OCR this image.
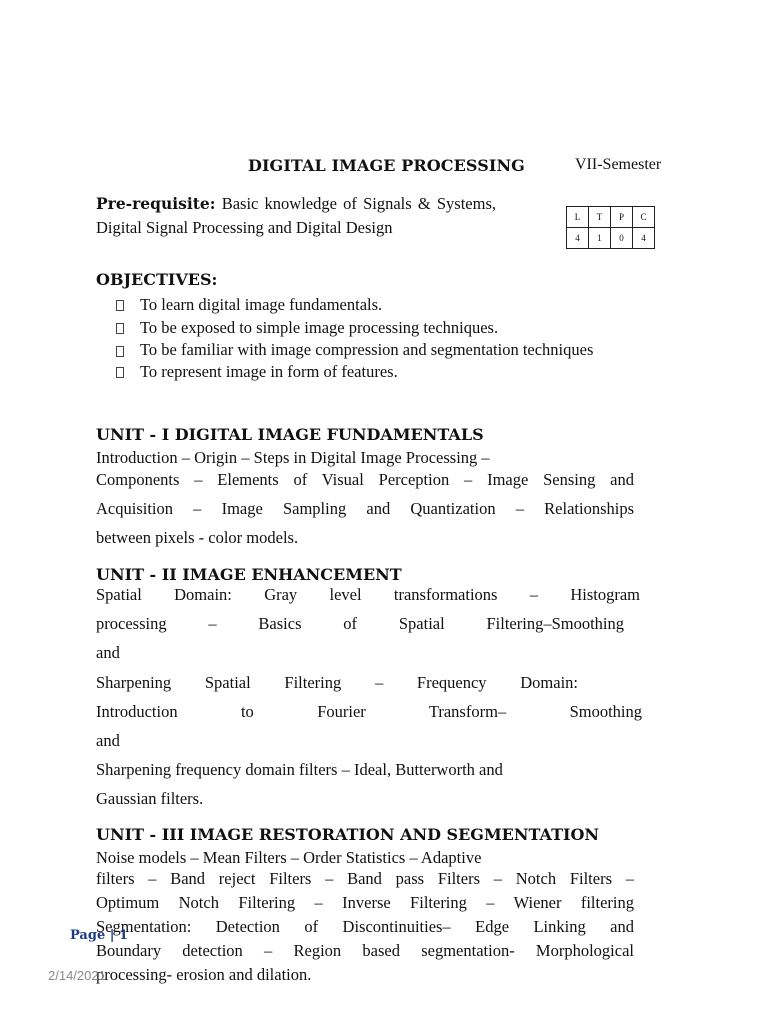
DIGITAL IMAGE PROCESSING	VII-Semester
Pre-requisite: Basic knowledge of Signals & Systems, Digital Signal Processing and Digital Design
L	T	P	C
4	1	0	4
OBJECTIVES:
To learn digital image fundamentals.
To be exposed to simple image processing techniques.
To be familiar with image compression and segmentation techniques
To represent image in form of features.
UNIT - I DIGITAL IMAGE FUNDAMENTALS
Introduction – Origin – Steps in Digital Image Processing –
Components – Elements of Visual Perception – Image Sensing and
Acquisition – Image Sampling and Quantization – Relationships
between pixels - color models.
UNIT - II IMAGE ENHANCEMENT
Spatial Domain: Gray level transformations – Histogram
processing – Basics of Spatial Filtering–Smoothing
and
Sharpening Spatial Filtering – Frequency Domain:
Introduction to Fourier Transform– Smoothing
and
Sharpening frequency domain filters – Ideal, Butterworth and
Gaussian filters.
UNIT - III IMAGE RESTORATION AND SEGMENTATION
Noise models – Mean Filters – Order Statistics – Adaptive
filters – Band reject Filters – Band pass Filters – Notch Filters –
Optimum Notch Filtering – Inverse Filtering – Wiener filtering
Segmentation: Detection of Discontinuities– Edge Linking and
Boundary detection – Region based segmentation- Morphological
processing- erosion and dilation.
Page | 1
2/14/2021
